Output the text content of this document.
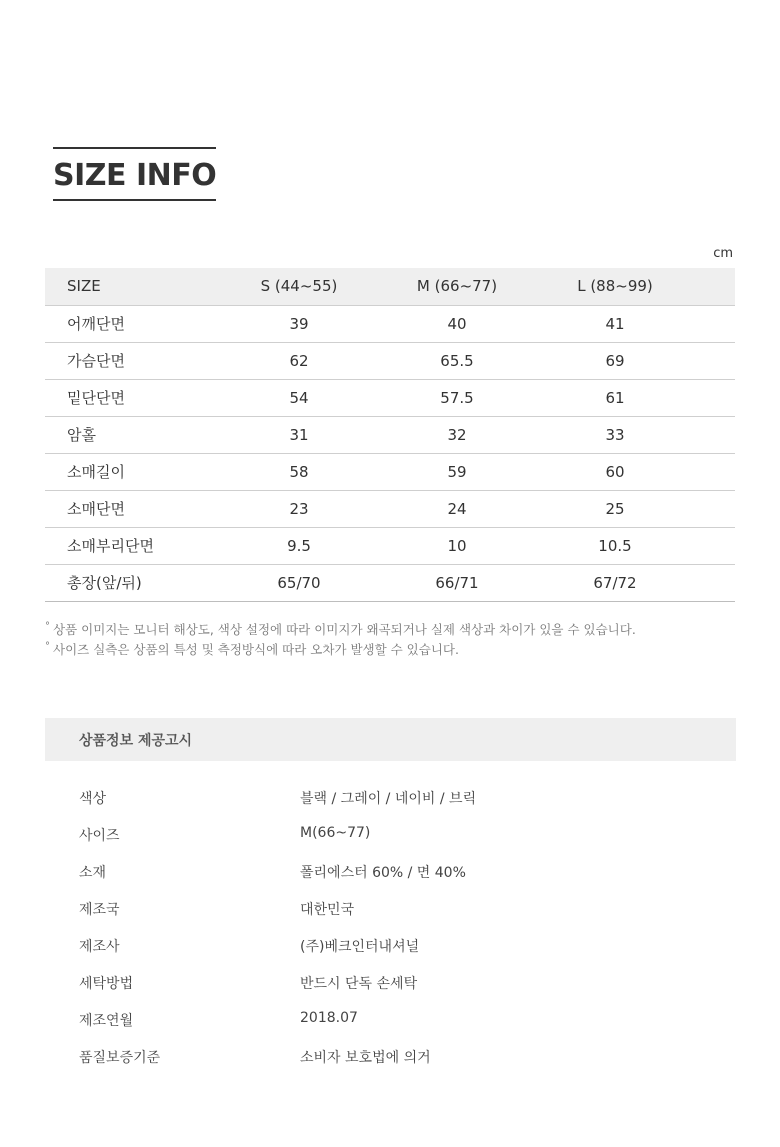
SIZE INFO
cm
SIZE	S (44~55)	M (66~77)	L (88~99)	
어깨단면	39	40	41	
가슴단면	62	65.5	69	
밑단단면	54	57.5	61	
암홀	31	32	33	
소매길이	58	59	60	
소매단면	23	24	25	
소매부리단면	9.5	10	10.5	
총장(앞/뒤)	65/70	66/71	67/72	
° 상품 이미지는 모니터 해상도, 색상 설정에 따라 이미지가 왜곡되거나 실제 색상과 차이가 있을 수 있습니다.
° 사이즈 실측은 상품의 특성 및 측정방식에 따라 오차가 발생할 수 있습니다.
상품정보 제공고시
색상	블랙 / 그레이 / 네이비 / 브릭
사이즈	M(66~77)
소재	폴리에스터 60% / 면 40%
제조국	대한민국
제조사	(주)베크인터내셔널
세탁방법	반드시 단독 손세탁
제조연월	2018.07
품질보증기준	소비자 보호법에 의거
